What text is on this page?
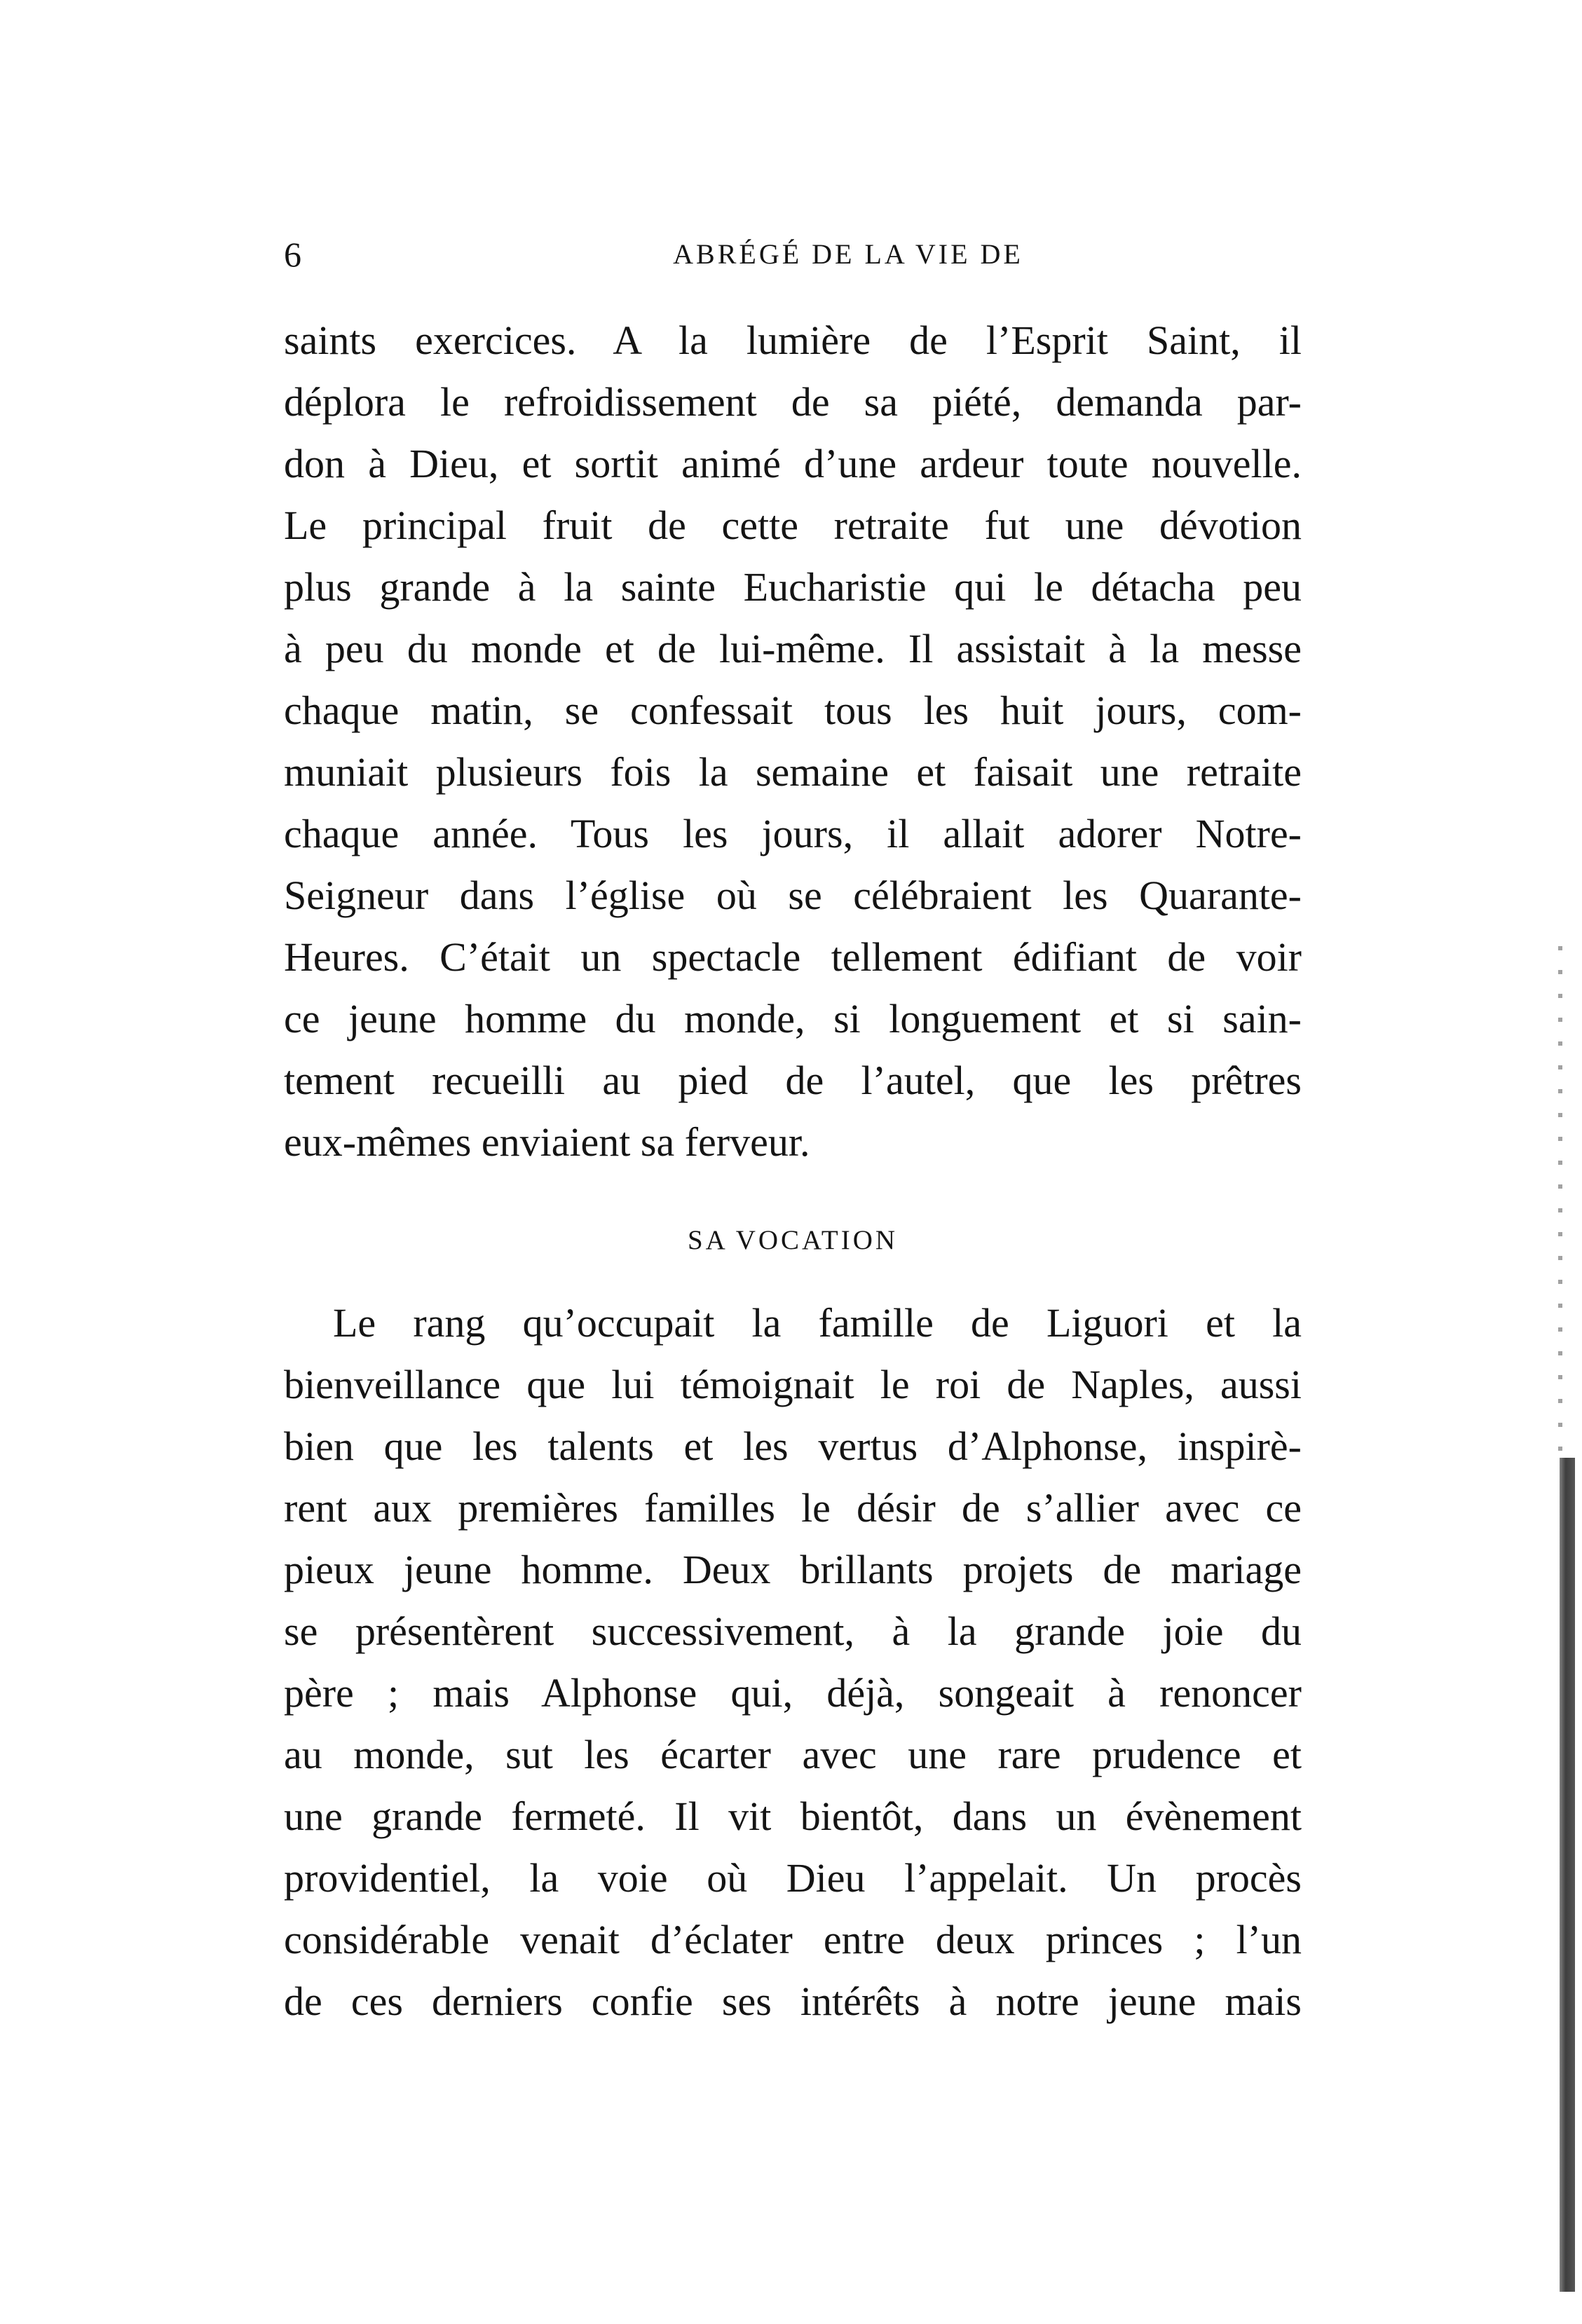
6	ABRÉGÉ DE LA VIE DE
saints exercices. A la lumière de l’Esprit Saint, il
déplora le refroidissement de sa piété, demanda par-
don à Dieu, et sortit animé d’une ardeur toute nouvelle.
Le principal fruit de cette retraite fut une dévotion
plus grande à la sainte Eucharistie qui le détacha peu
à peu du monde et de lui-même. Il assistait à la messe
chaque matin, se confessait tous les huit jours, com-
muniait plusieurs fois la semaine et faisait une retraite
chaque année. Tous les jours, il allait adorer Notre-
Seigneur dans l’église où se célébraient les Quarante-
Heures. C’était un spectacle tellement édifiant de voir
ce jeune homme du monde, si longuement et si sain-
tement recueilli au pied de l’autel, que les prêtres
eux-mêmes enviaient sa ferveur.
SA VOCATION
Le rang qu’occupait la famille de Liguori et la
bienveillance que lui témoignait le roi de Naples, aussi
bien que les talents et les vertus d’Alphonse, inspirè-
rent aux premières familles le désir de s’allier avec ce
pieux jeune homme. Deux brillants projets de mariage
se présentèrent successivement, à la grande joie du
père ; mais Alphonse qui, déjà, songeait à renoncer
au monde, sut les écarter avec une rare prudence et
une grande fermeté. Il vit bientôt, dans un évènement
providentiel, la voie où Dieu l’appelait. Un procès
considérable venait d’éclater entre deux princes ; l’un
de ces derniers confie ses intérêts à notre jeune mais
